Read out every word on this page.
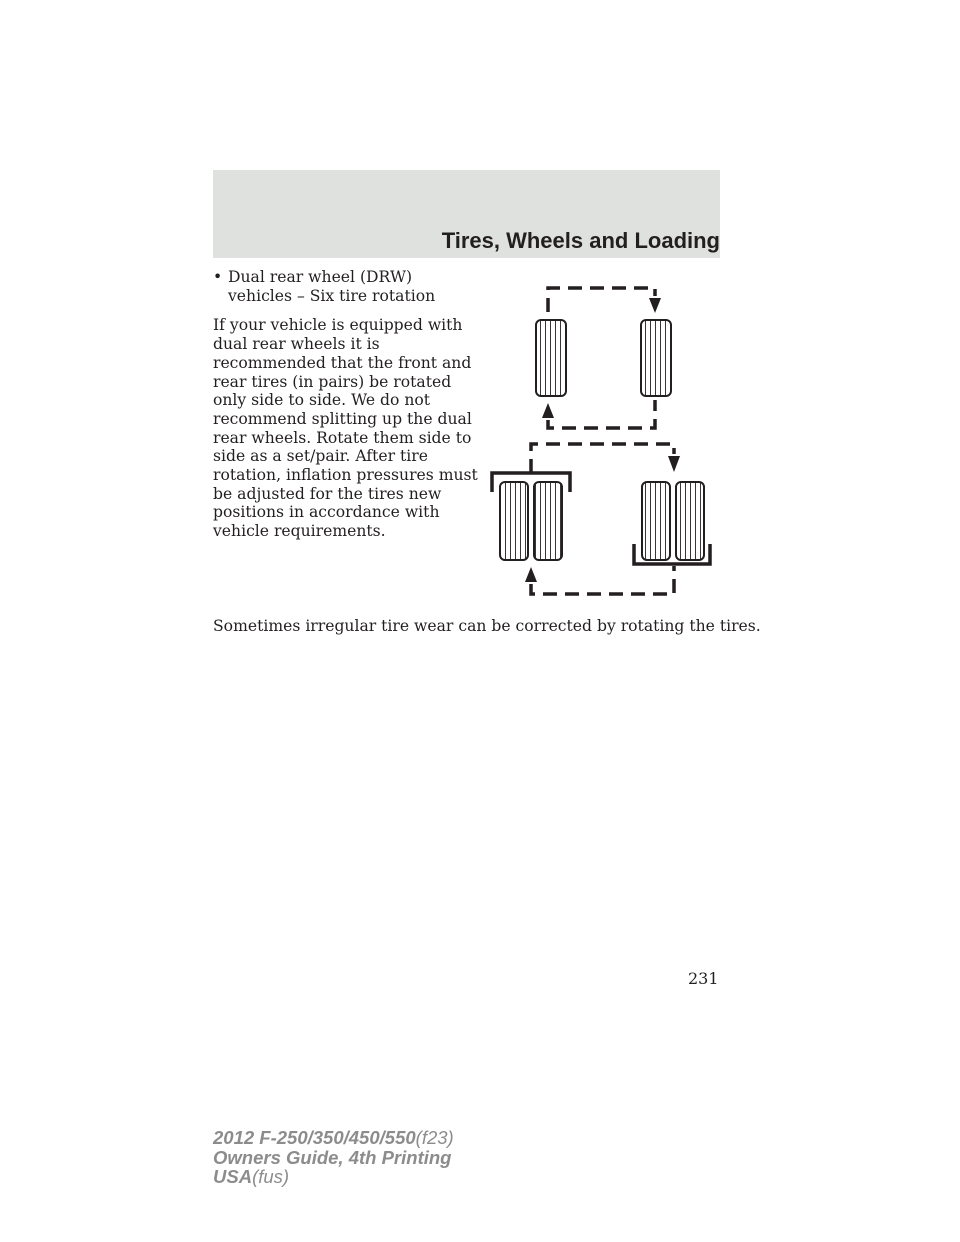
Tires, Wheels and Loading
• Dual rear wheel (DRW) vehicles – Six tire rotation
If your vehicle is equipped with dual rear wheels it is recommended that the front and rear tires (in pairs) be rotated only side to side. We do not recommend splitting up the dual rear wheels. Rotate them side to side as a set/pair. After tire rotation, inflation pressures must be adjusted for the tires new positions in accordance with vehicle requirements.
Sometimes irregular tire wear can be corrected by rotating the tires.
231
2012 F-250/350/450/550(f23)
Owners Guide, 4th Printing
USA(fus)
